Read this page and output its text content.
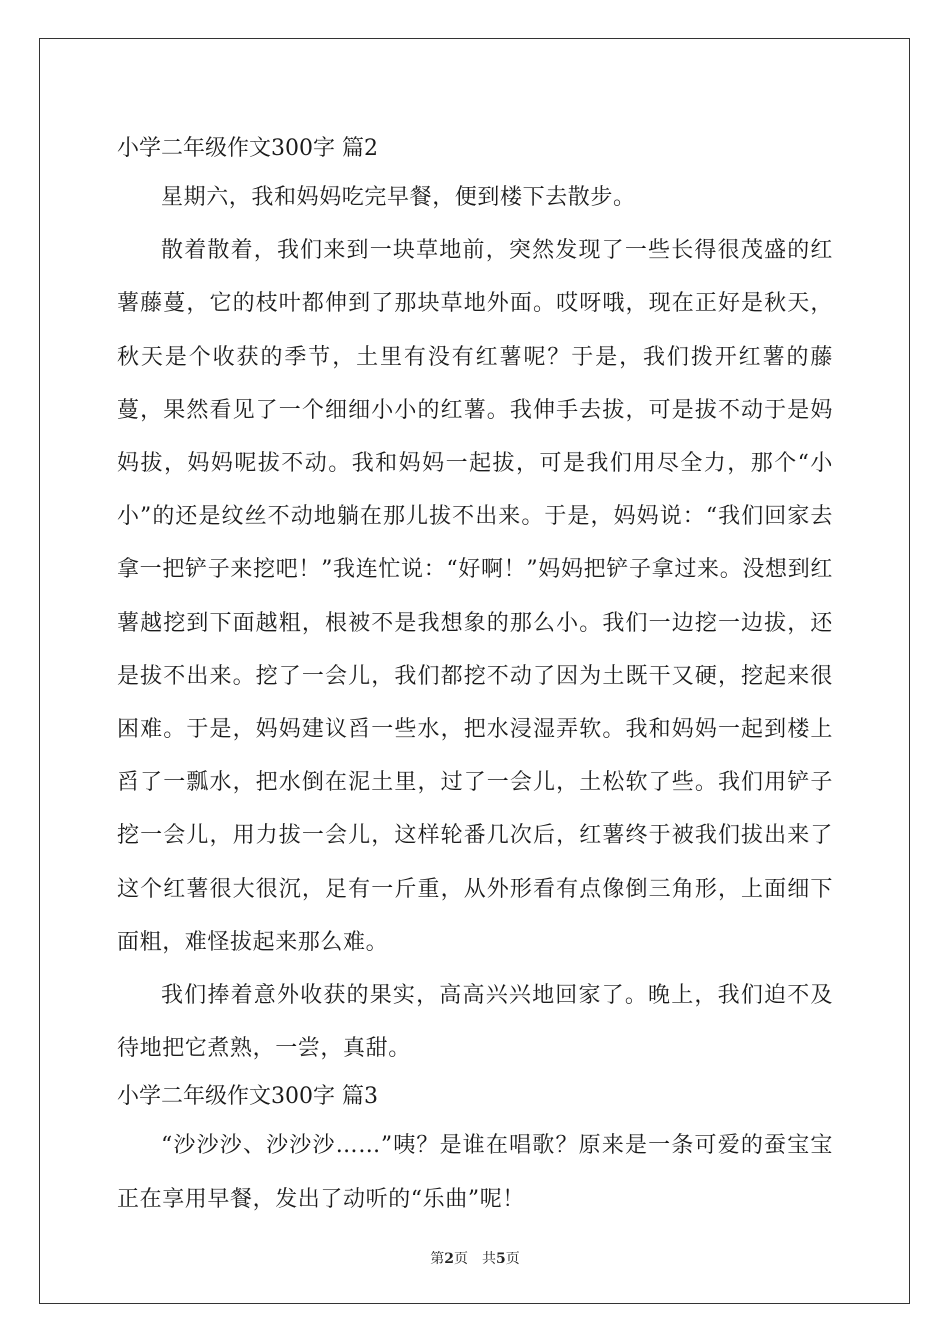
小学二年级作文300字 篇2

星期六，我和妈妈吃完早餐，便到楼下去散步。

散着散着，我们来到一块草地前，突然发现了一些长得很茂盛的红薯藤蔓，它的枝叶都伸到了那块草地外面。哎呀哦，现在正好是秋天，秋天是个收获的季节，土里有没有红薯呢？于是，我们拨开红薯的藤蔓，果然看见了一个细细小小的红薯。我伸手去拔，可是拔不动于是妈妈拔，妈妈呢拔不动。我和妈妈一起拔，可是我们用尽全力，那个“小小”的还是纹丝不动地躺在那儿拔不出来。于是，妈妈说：“我们回家去拿一把铲子来挖吧！”我连忙说：“好啊！”妈妈把铲子拿过来。没想到红薯越挖到下面越粗，根被不是我想象的那么小。我们一边挖一边拔，还是拔不出来。挖了一会儿，我们都挖不动了因为土既干又硬，挖起来很困难。于是，妈妈建议舀一些水，把水浸湿弄软。我和妈妈一起到楼上舀了一瓢水，把水倒在泥土里，过了一会儿，土松软了些。我们用铲子挖一会儿，用力拔一会儿，这样轮番几次后，红薯终于被我们拔出来了这个红薯很大很沉，足有一斤重，从外形看有点像倒三角形，上面细下面粗，难怪拔起来那么难。

我们捧着意外收获的果实，高高兴兴地回家了。晚上，我们迫不及待地把它煮熟，一尝，真甜。

小学二年级作文300字 篇3

“沙沙沙、沙沙沙……”咦？是谁在唱歌？原来是一条可爱的蚕宝宝正在享用早餐，发出了动听的“乐曲”呢！

第2页　共5页
